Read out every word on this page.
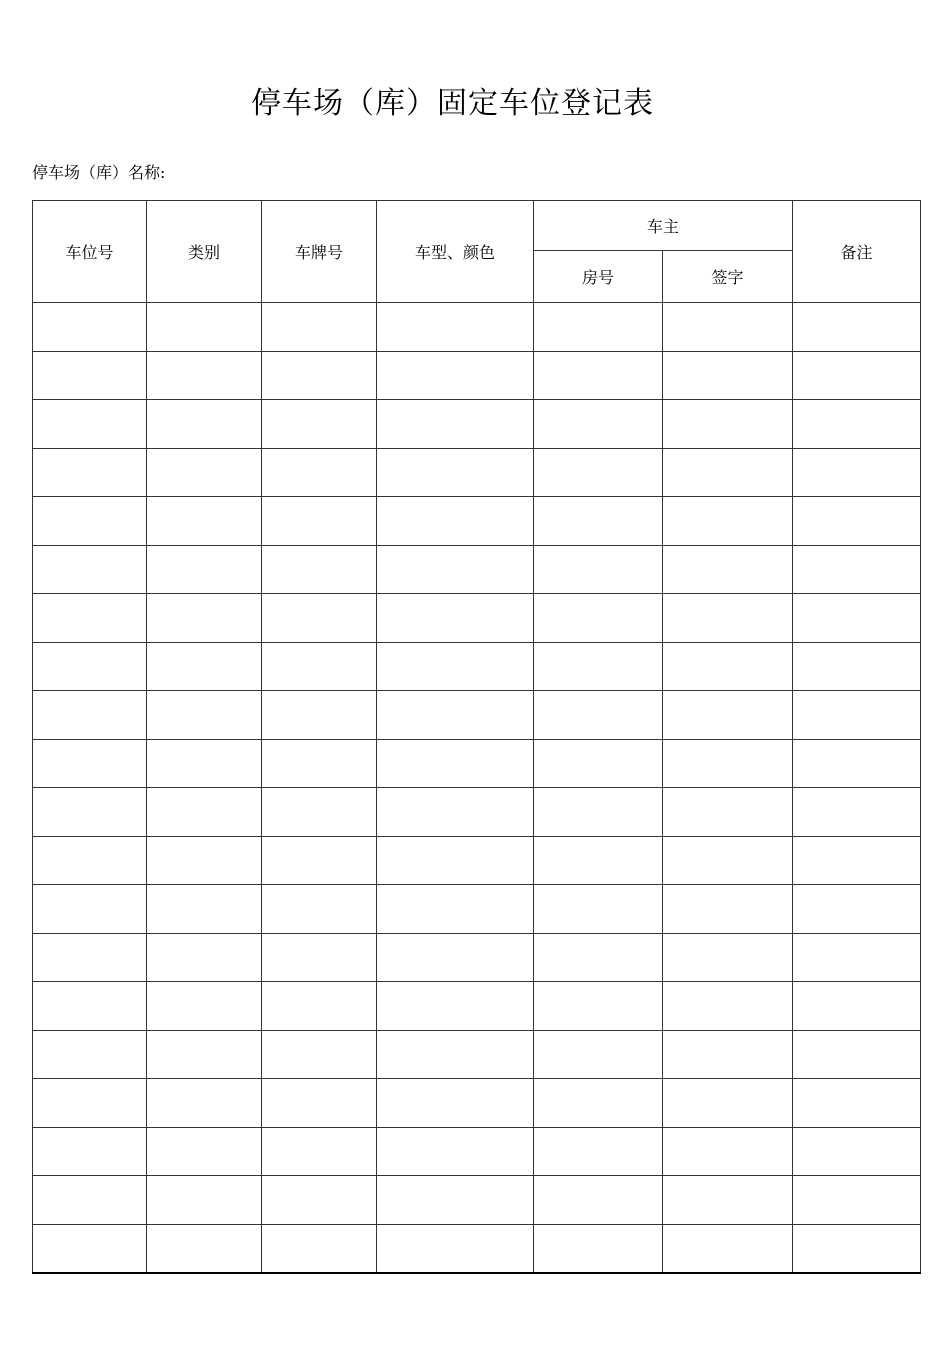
停车场（库）固定车位登记表
停车场（库）名称:
车位号	类别	车牌号	车型、颜色	车主		备注
				房号	签字	
